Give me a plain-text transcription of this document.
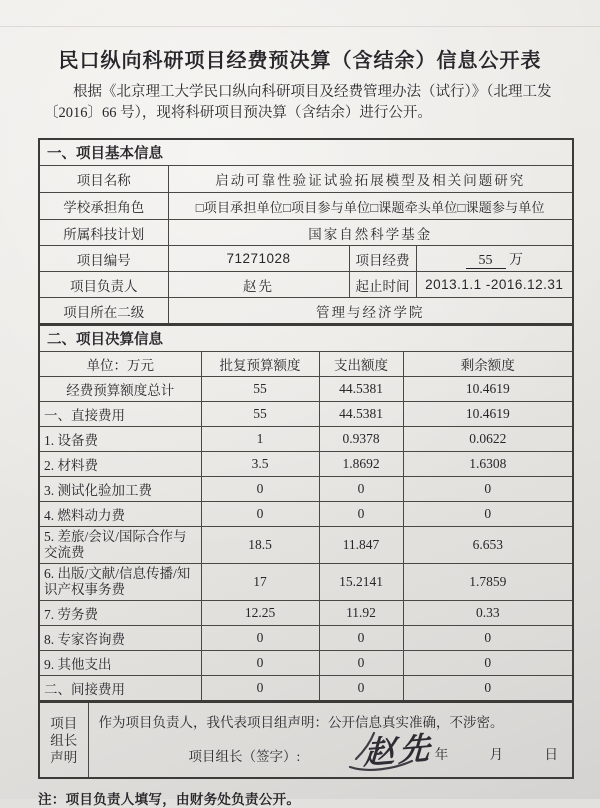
民口纵向科研项目经费预决算（含结余）信息公开表
根据《北京理工大学民口纵向科研项目及经费管理办法（试行）》（北理工发
〔2016〕66 号），现将科研项目预决算（含结余）进行公开。
一、项目基本信息			
项目名称	启动可靠性验证试验拓展模型及相关问题研究		
学校承担角色	□项目承担单位□项目参与单位□课题牵头单位□课题参与单位		
所属科技计划	国家自然科学基金		
项目编号	71271028	项目经费	55 万
项目负责人	赵先	起止时间	2013.1.1 -2016.12.31
项目所在二级	管理与经济学院		
二、项目决算信息			
单位：万元	批复预算额度	支出额度	剩余额度
经费预算额度总计	55	44.5381	10.4619
一、直接费用	55	44.5381	10.4619
1. 设备费	1	0.9378	0.0622
2. 材料费	3.5	1.8692	1.6308
3. 测试化验加工费	0	0	0
4. 燃料动力费	0	0	0
5. 差旅/会议/国际合作与交流费	18.5	11.847	6.653
6. 出版/文献/信息传播/知识产权事务费	17	15.2141	1.7859
7. 劳务费	12.25	11.92	0.33
8. 专家咨询费	0	0	0
9. 其他支出	0	0	0
二、间接费用	0	0	0
项目
组长
声明

作为项目负责人，我代表项目组声明：公开信息真实准确，不涉密。
项目组长（签字）: 赵先 年	月	日
注：项目负责人填写，由财务处负责公开。
